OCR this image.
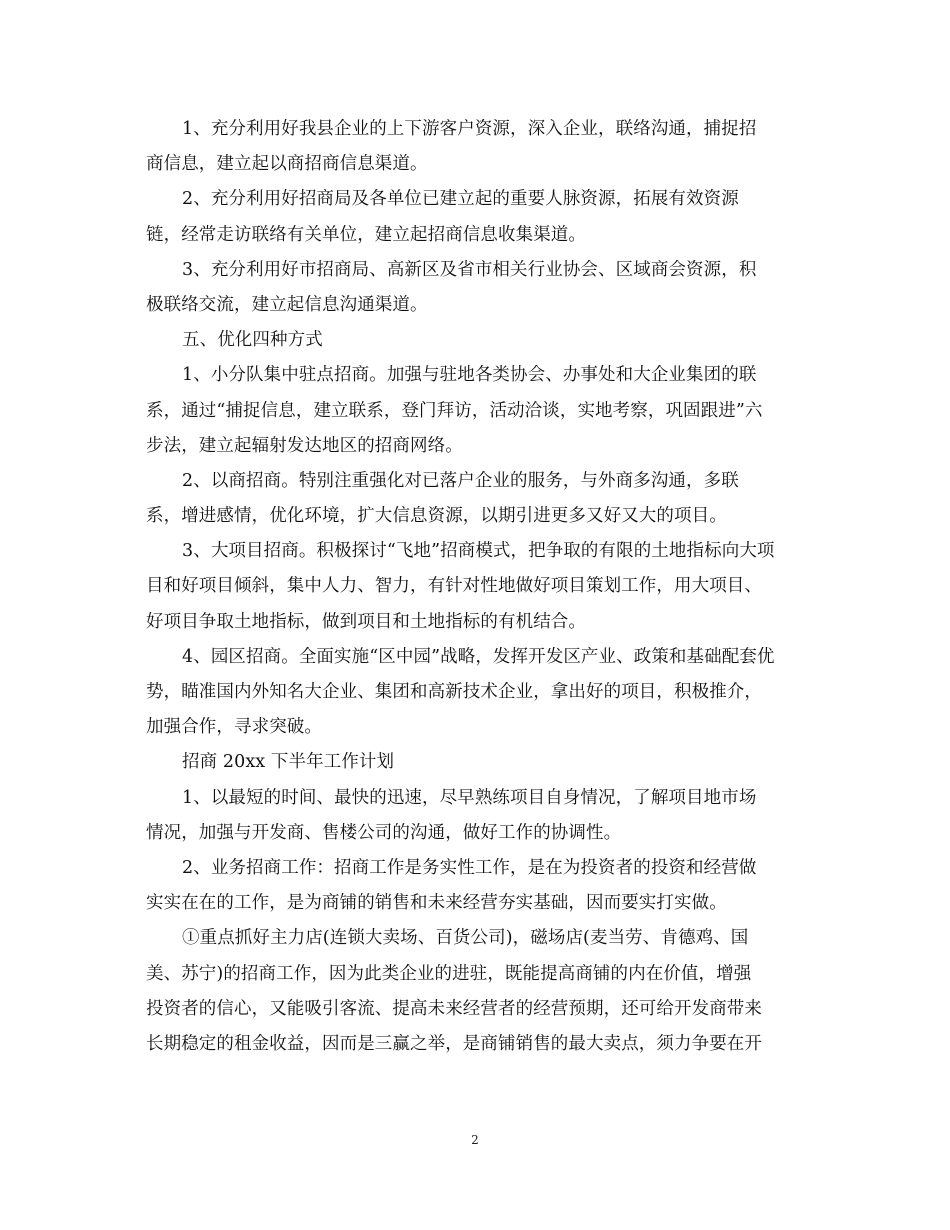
1、充分利用好我县企业的上下游客户资源，深入企业，联络沟通，捕捉招
商信息，建立起以商招商信息渠道。
2、充分利用好招商局及各单位已建立起的重要人脉资源，拓展有效资源
链，经常走访联络有关单位，建立起招商信息收集渠道。
3、充分利用好市招商局、高新区及省市相关行业协会、区域商会资源，积
极联络交流，建立起信息沟通渠道。
五、优化四种方式
1、小分队集中驻点招商。加强与驻地各类协会、办事处和大企业集团的联
系，通过“捕捉信息，建立联系，登门拜访，活动洽谈，实地考察，巩固跟进”六
步法，建立起辐射发达地区的招商网络。
2、以商招商。特别注重强化对已落户企业的服务，与外商多沟通，多联
系，增进感情，优化环境，扩大信息资源，以期引进更多又好又大的项目。
3、大项目招商。积极探讨“飞地”招商模式，把争取的有限的土地指标向大项
目和好项目倾斜，集中人力、智力，有针对性地做好项目策划工作，用大项目、
好项目争取土地指标，做到项目和土地指标的有机结合。
4、园区招商。全面实施“区中园”战略，发挥开发区产业、政策和基础配套优
势，瞄准国内外知名大企业、集团和高新技术企业，拿出好的项目，积极推介，
加强合作，寻求突破。
招商 20xx 下半年工作计划
1、以最短的时间、最快的迅速，尽早熟练项目自身情况，了解项目地市场
情况，加强与开发商、售楼公司的沟通，做好工作的协调性。
2、业务招商工作：招商工作是务实性工作，是在为投资者的投资和经营做
实实在在的工作，是为商铺的销售和未来经营夯实基础，因而要实打实做。
①重点抓好主力店(连锁大卖场、百货公司)，磁场店(麦当劳、肯德鸡、国
美、苏宁)的招商工作，因为此类企业的进驻，既能提高商铺的内在价值，增强
投资者的信心，又能吸引客流、提高未来经营者的经营预期，还可给开发商带来
长期稳定的租金收益，因而是三赢之举，是商铺销售的最大卖点，须力争要在开
2
